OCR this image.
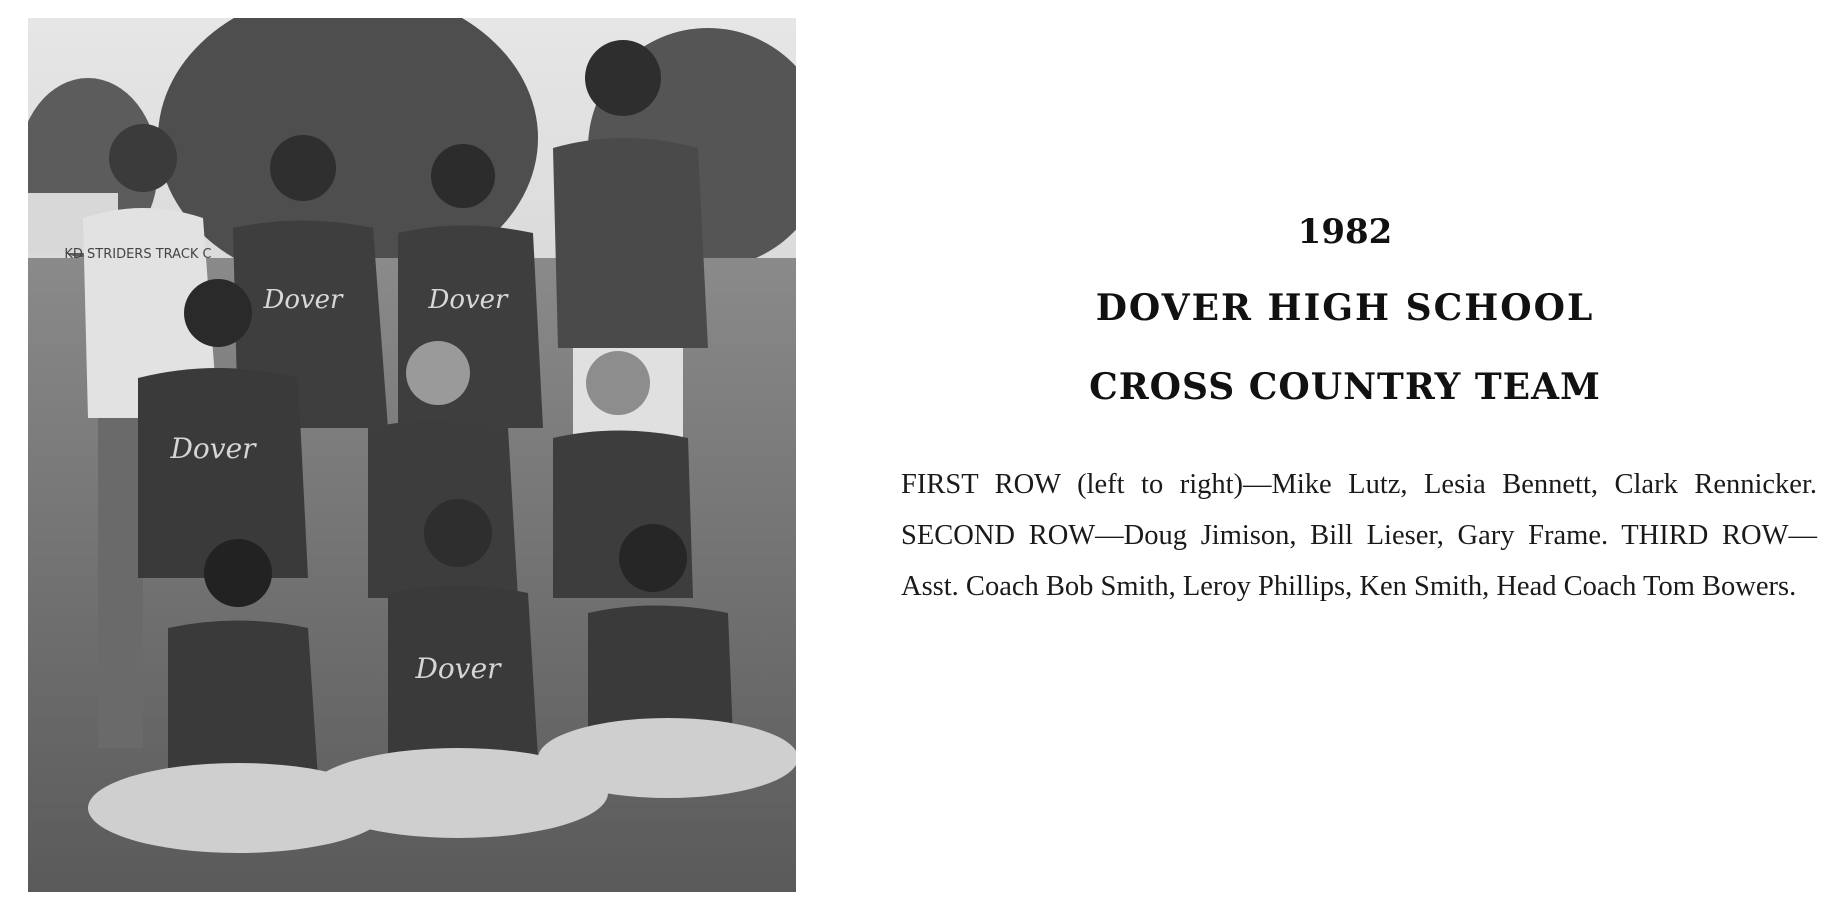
KD STRIDERS TRACK C
Dover	Dover
Dover
Dover
1982
DOVER HIGH SCHOOL
CROSS COUNTRY TEAM
FIRST ROW (left to right)—Mike Lutz, Lesia Bennett, Clark Rennicker. SECOND ROW—Doug Jimison, Bill Lieser, Gary Frame. THIRD ROW—Asst. Coach Bob Smith, Leroy Phillips, Ken Smith, Head Coach Tom Bowers.
